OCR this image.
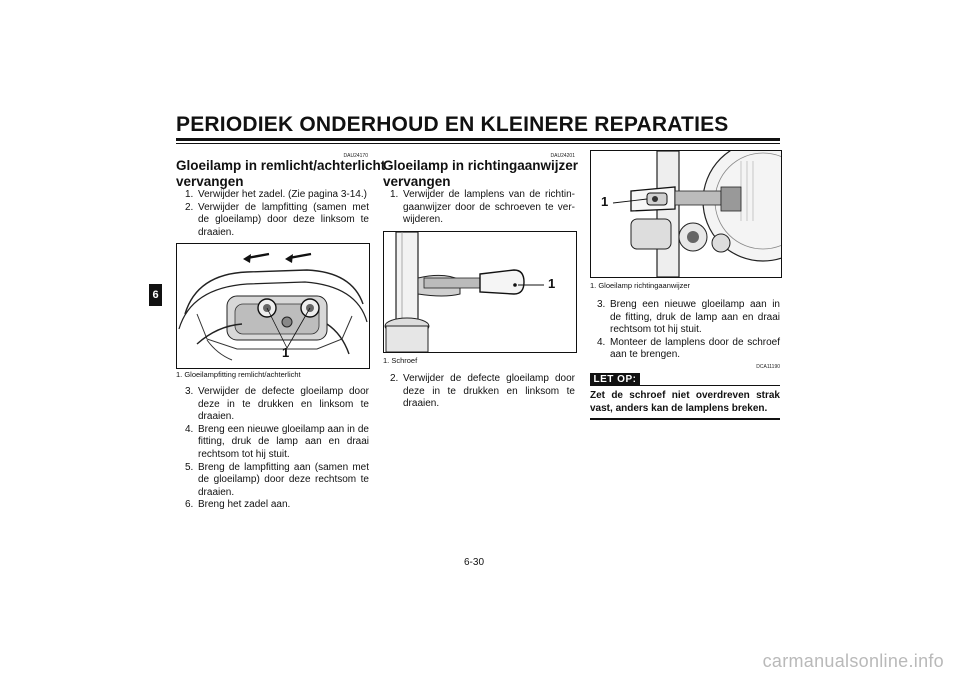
PERIODIEK ONDERHOUD EN KLEINERE REPARATIES
6
DAU24170
Gloeilamp in remlicht/achterlicht
vervangen
1. Verwijder het zadel. (Zie pagina 3-14.)
2. Verwijder de lampfitting (samen met de gloeilamp) door deze linksom te draaien.
1
1. Gloeilampfitting remlicht/achterlicht
3. Verwijder de defecte gloeilamp door deze in te drukken en linksom te draaien.
4. Breng een nieuwe gloeilamp aan in de fitting, druk de lamp aan en draai rechtsom tot hij stuit.
5. Breng de lampfitting aan (samen met de gloeilamp) door deze rechtsom te draaien.
6. Breng het zadel aan.
DAU24201
Gloeilamp in richtingaanwijzer
vervangen
1. Verwijder de lamplens van de richtin-gaanwijzer door de schroeven te ver-wijderen.
1
1. Schroef
2. Verwijder de defecte gloeilamp door deze in te drukken en linksom te draaien.
1
1. Gloeilamp richtingaanwijzer
3. Breng een nieuwe gloeilamp aan in de fitting, druk de lamp aan en draai rechtsom tot hij stuit.
4. Monteer de lamplens door de schroef aan te brengen.
DCA11190
LET OP:
Zet de schroef niet overdreven strak vast, anders kan de lamplens breken.
6-30
carmanualsonline.info
